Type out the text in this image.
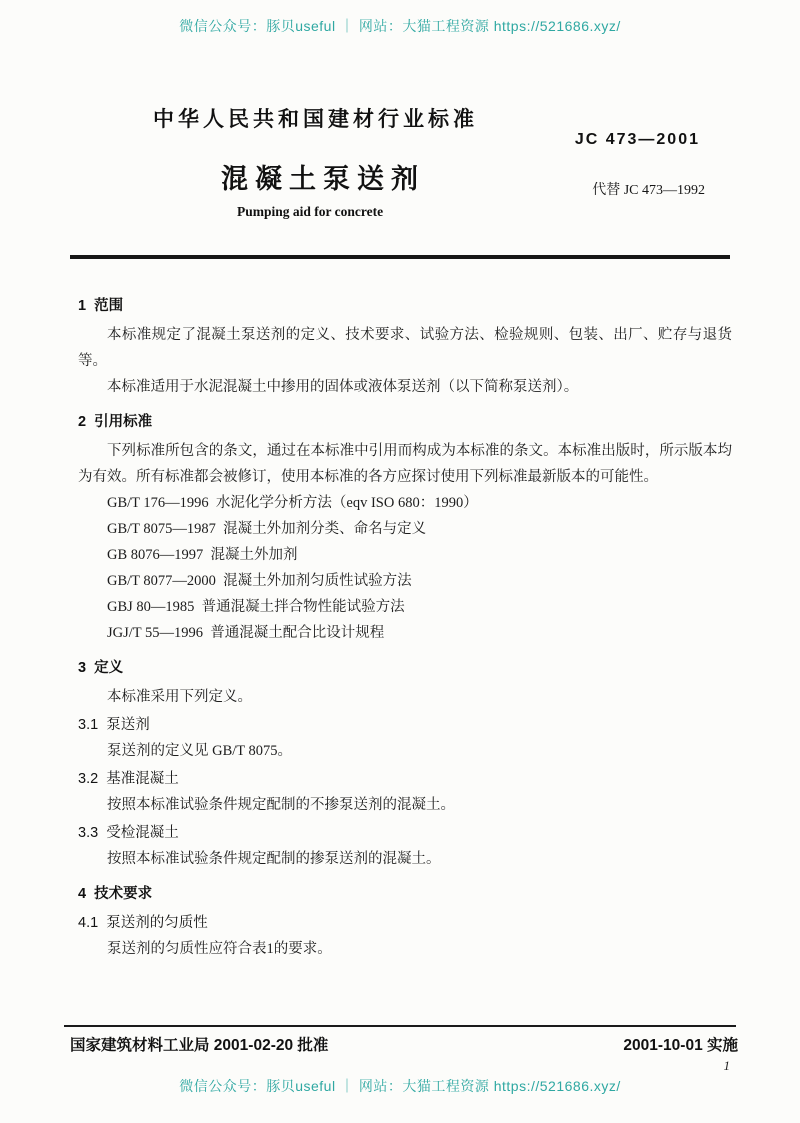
微信公众号：豚贝useful ｜ 网站：大猫工程资源 https://521686.xyz/
中华人民共和国建材行业标准
JC 473—2001
混凝土泵送剂	代替 JC 473—1992
Pumping aid for concrete
1  范围
本标准规定了混凝土泵送剂的定义、技术要求、试验方法、检验规则、包装、出厂、贮存与退货等。
本标准适用于水泥混凝土中掺用的固体或液体泵送剂（以下简称泵送剂）。
2  引用标准
下列标准所包含的条文，通过在本标准中引用而构成为本标准的条文。本标准出版时，所示版本均为有效。所有标准都会被修订，使用本标准的各方应探讨使用下列标准最新版本的可能性。
GB/T 176—1996  水泥化学分析方法（eqv ISO 680：1990）
GB/T 8075—1987  混凝土外加剂分类、命名与定义
GB 8076—1997  混凝土外加剂
GB/T 8077—2000  混凝土外加剂匀质性试验方法
GBJ 80—1985  普通混凝土拌合物性能试验方法
JGJ/T 55—1996  普通混凝土配合比设计规程
3  定义
本标准采用下列定义。
3.1  泵送剂
泵送剂的定义见 GB/T 8075。
3.2  基准混凝土
按照本标准试验条件规定配制的不掺泵送剂的混凝土。
3.3  受检混凝土
按照本标准试验条件规定配制的掺泵送剂的混凝土。
4  技术要求
4.1  泵送剂的匀质性
泵送剂的匀质性应符合表1的要求。
国家建筑材料工业局 2001-02-20 批准	2001-10-01 实施
1
微信公众号：豚贝useful ｜ 网站：大猫工程资源 https://521686.xyz/
